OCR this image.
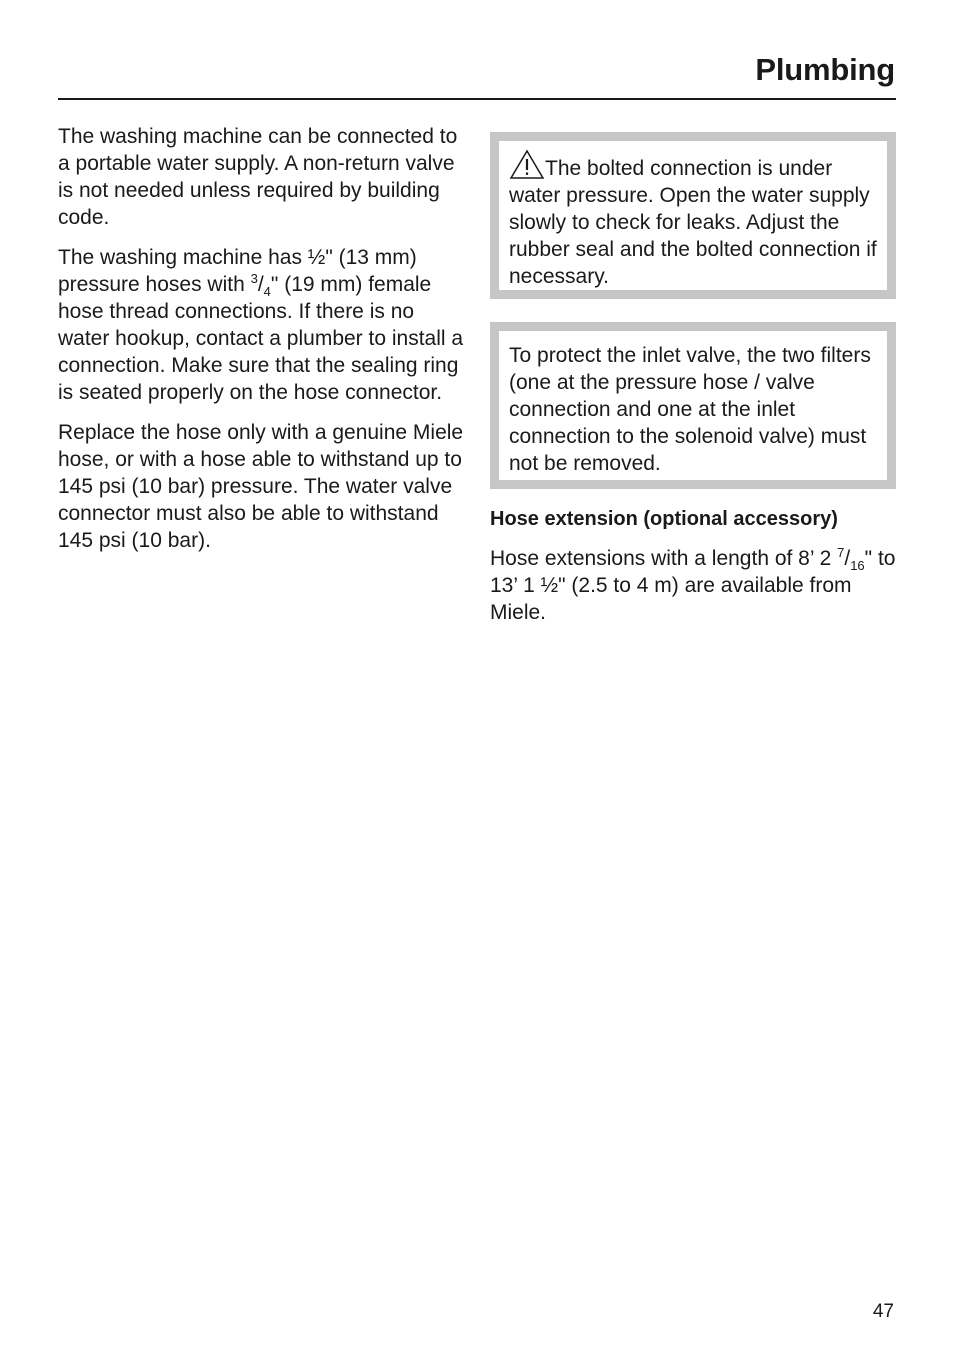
Plumbing

The washing machine can be connected to a portable water supply. A non-return valve is not needed unless required by building code.

The washing machine has ½" (13 mm) pressure hoses with $^3/_4$" (19 mm) female hose thread connections. If there is no water hookup, contact a plumber to install a connection. Make sure that the sealing ring is seated properly on the hose connector.

Replace the hose only with a genuine Miele hose, or with a hose able to withstand up to 145 psi (10 bar) pressure. The water valve connector must also be able to withstand 145 psi (10 bar).

The bolted connection is under water pressure. Open the water supply slowly to check for leaks. Adjust the rubber seal and the bolted connection if necessary.

To protect the inlet valve, the two filters (one at the pressure hose / valve connection and one at the inlet connection to the solenoid valve) must not be removed.

Hose extension (optional accessory)

Hose extensions with a length of 8’ 2 $^7/_{16}$" to 13’ 1 ½" (2.5 to 4 m) are available from Miele.

47
